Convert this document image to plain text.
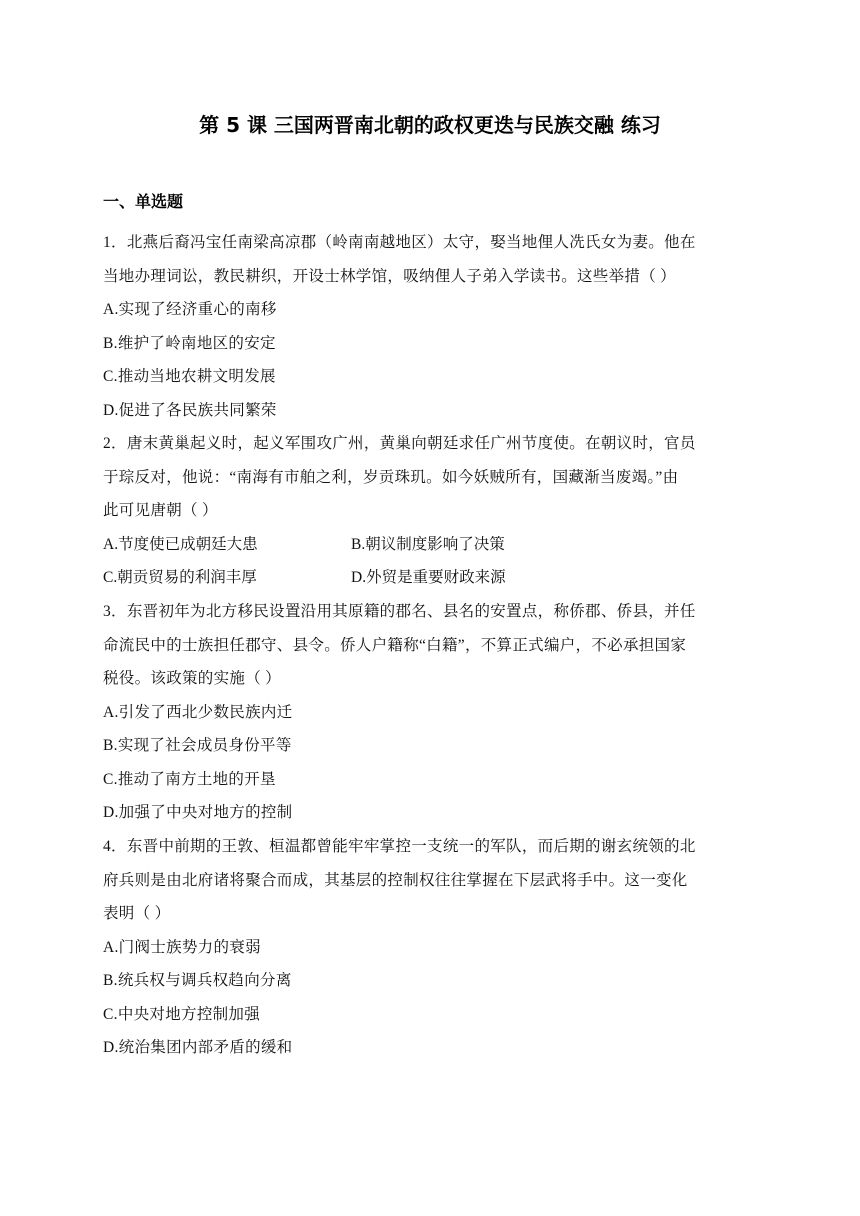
第 5 课 三国两晋南北朝的政权更迭与民族交融 练习
一、单选题
1．北燕后裔冯宝任南梁高凉郡（岭南南越地区）太守，娶当地俚人冼氏女为妻。他在
当地办理词讼，教民耕织，开设士林学馆，吸纳俚人子弟入学读书。这些举措（ ）
A.实现了经济重心的南移
B.维护了岭南地区的安定
C.推动当地农耕文明发展
D.促进了各民族共同繁荣
2．唐末黄巢起义时，起义军围攻广州，黄巢向朝廷求任广州节度使。在朝议时，官员
于琮反对，他说：“南海有市舶之利，岁贡珠玑。如今妖贼所有，国藏渐当废竭。”由
此可见唐朝（ ）
A.节度使已成朝廷大患	B.朝议制度影响了决策
C.朝贡贸易的利润丰厚	D.外贸是重要财政来源
3．东晋初年为北方移民设置沿用其原籍的郡名、县名的安置点，称侨郡、侨县，并任
命流民中的士族担任郡守、县令。侨人户籍称“白籍”，不算正式编户，不必承担国家
税役。该政策的实施（ ）
A.引发了西北少数民族内迁
B.实现了社会成员身份平等
C.推动了南方土地的开垦
D.加强了中央对地方的控制
4．东晋中前期的王敦、桓温都曾能牢牢掌控一支统一的军队，而后期的谢玄统领的北
府兵则是由北府诸将聚合而成，其基层的控制权往往掌握在下层武将手中。这一变化
表明（ ）
A.门阀士族势力的衰弱
B.统兵权与调兵权趋向分离
C.中央对地方控制加强
D.统治集团内部矛盾的缓和
